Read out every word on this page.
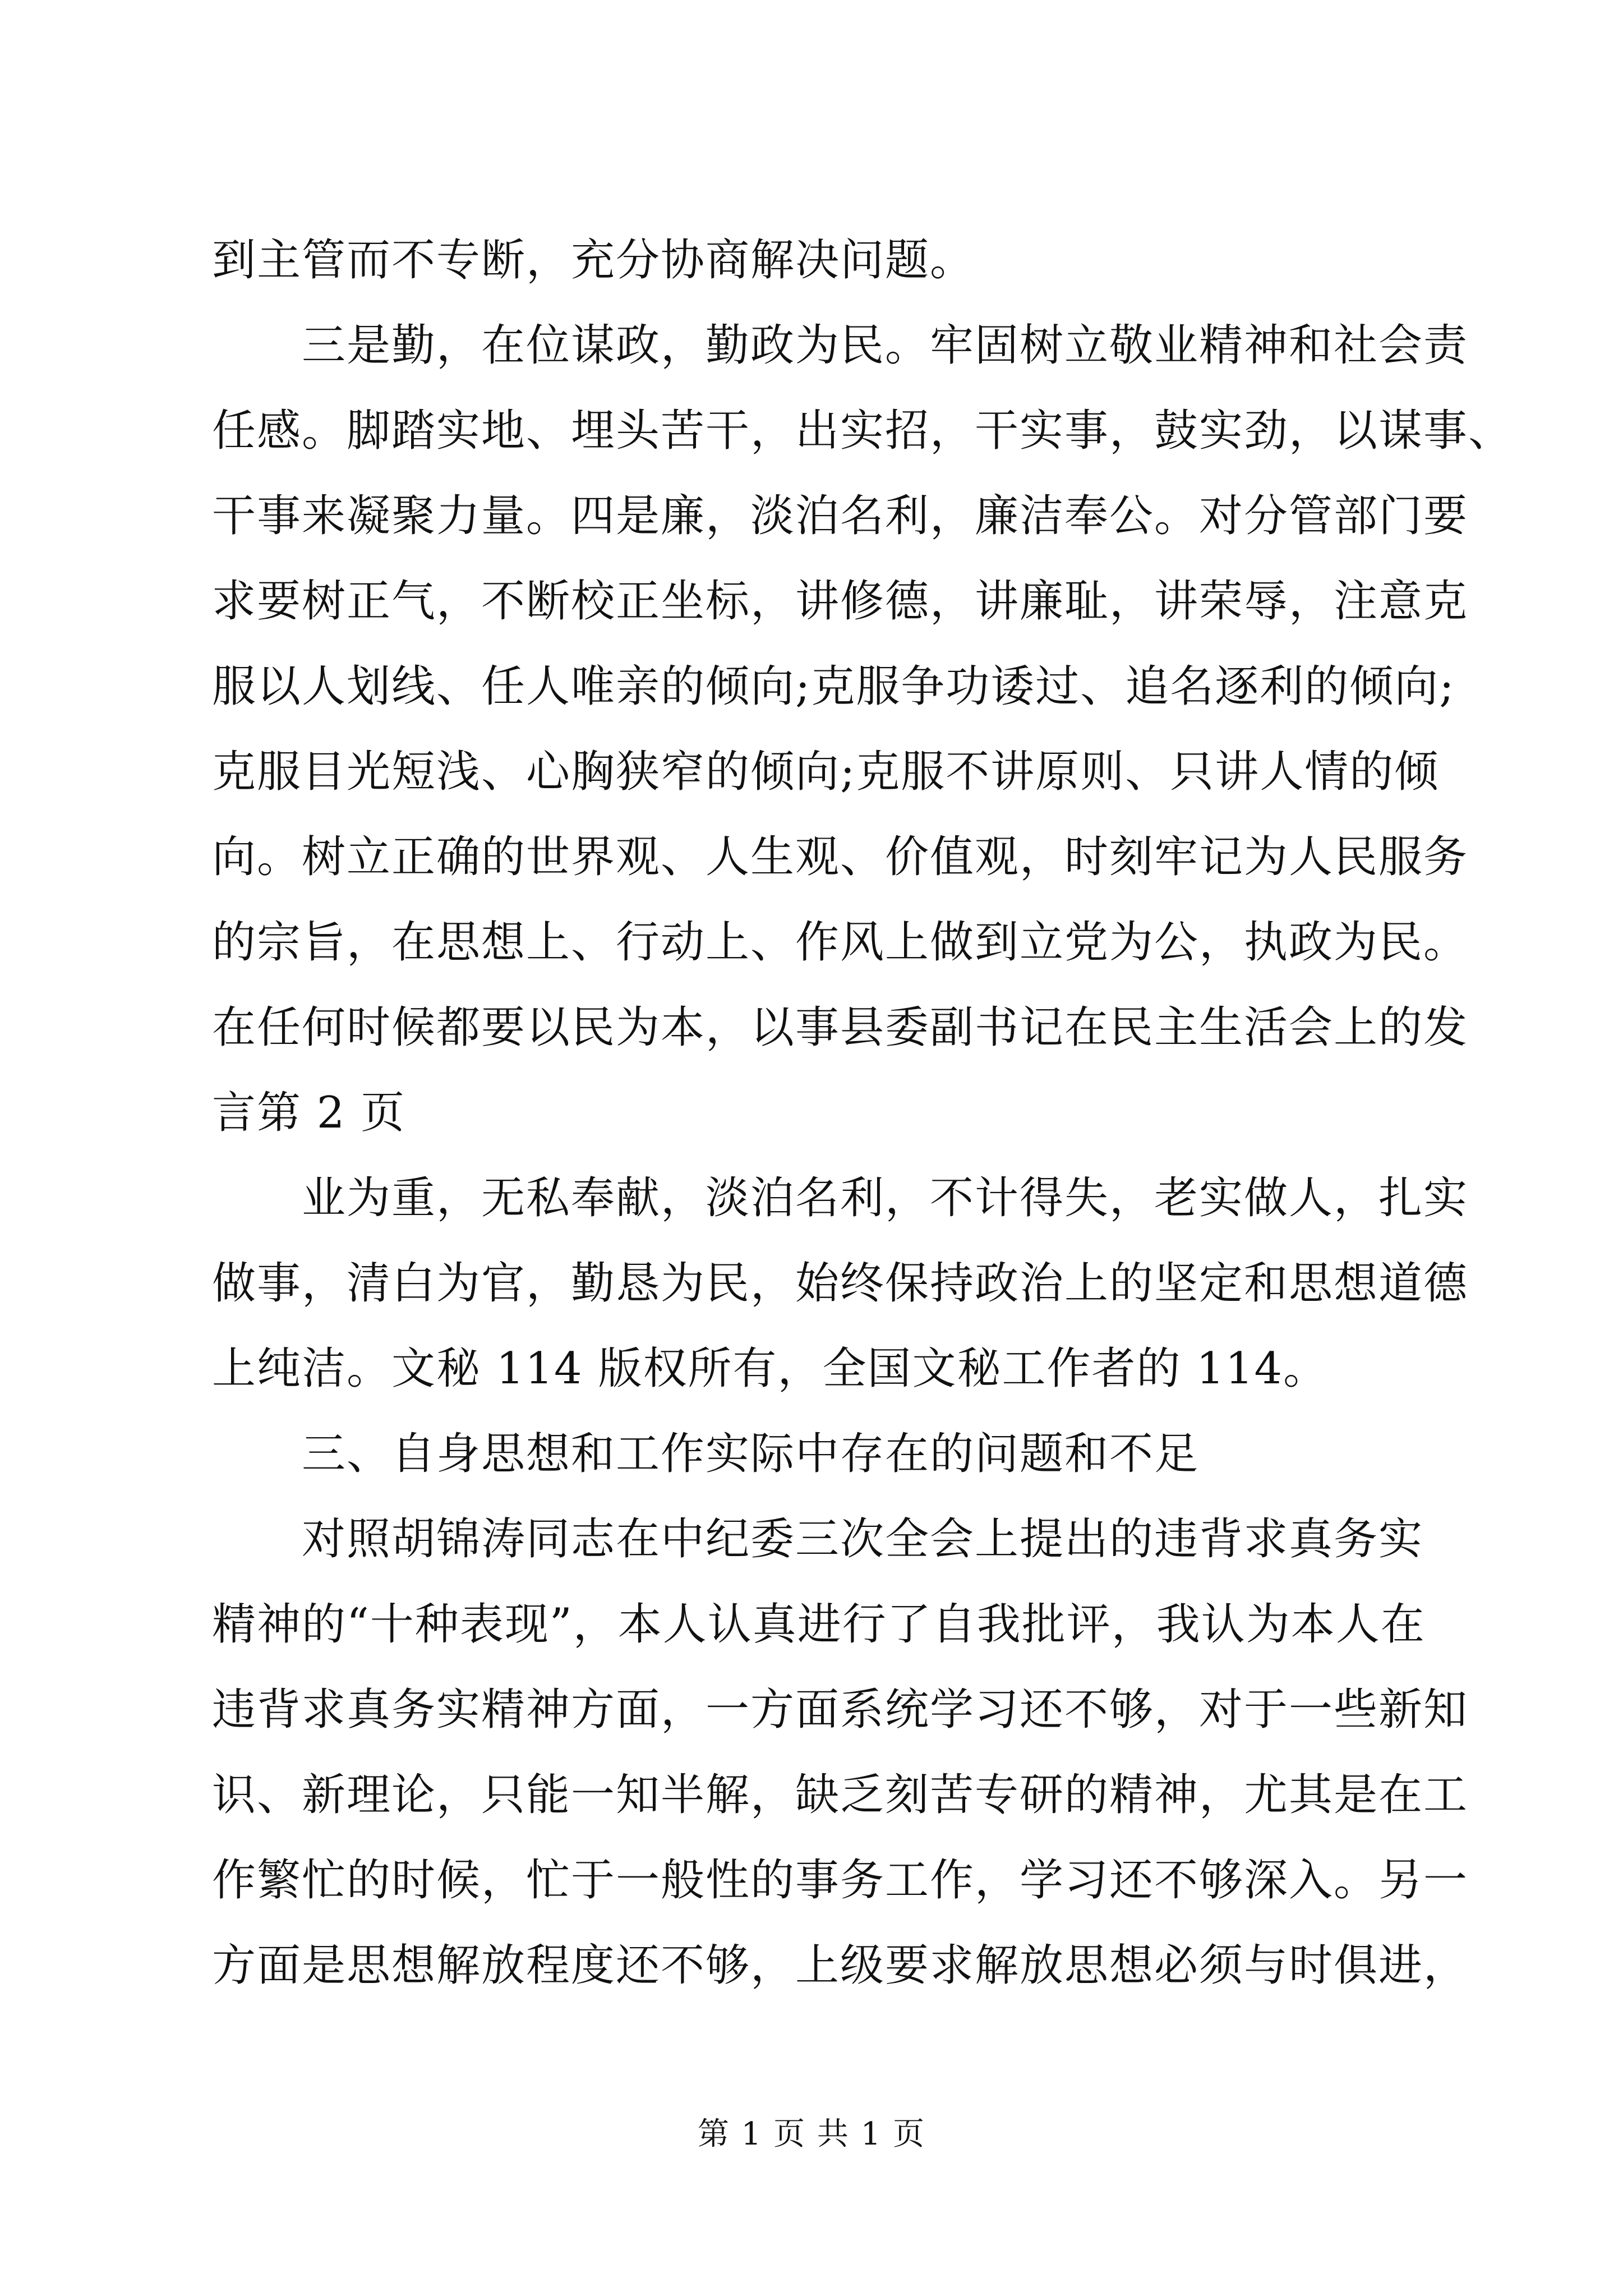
到主管而不专断，充分协商解决问题。
三是勤，在位谋政，勤政为民。牢固树立敬业精神和社会责
任感。脚踏实地、埋头苦干，出实招，干实事，鼓实劲，以谋事、
干事来凝聚力量。四是廉，淡泊名利，廉洁奉公。对分管部门要
求要树正气，不断校正坐标，讲修德，讲廉耻，讲荣辱，注意克
服以人划线、任人唯亲的倾向;克服争功诿过、追名逐利的倾向;
克服目光短浅、心胸狭窄的倾向;克服不讲原则、只讲人情的倾
向。树立正确的世界观、人生观、价值观，时刻牢记为人民服务
的宗旨，在思想上、行动上、作风上做到立党为公，执政为民。
在任何时候都要以民为本，以事县委副书记在民主生活会上的发
言第 2 页
业为重，无私奉献，淡泊名利，不计得失，老实做人，扎实
做事，清白为官，勤恳为民，始终保持政治上的坚定和思想道德
上纯洁。文秘 114 版权所有，全国文秘工作者的 114。
三、自身思想和工作实际中存在的问题和不足
对照胡锦涛同志在中纪委三次全会上提出的违背求真务实
精神的“十种表现”，本人认真进行了自我批评，我认为本人在
违背求真务实精神方面，一方面系统学习还不够，对于一些新知
识、新理论，只能一知半解，缺乏刻苦专研的精神，尤其是在工
作繁忙的时候，忙于一般性的事务工作，学习还不够深入。另一
方面是思想解放程度还不够，上级要求解放思想必须与时俱进，
第 1 页 共 1 页
